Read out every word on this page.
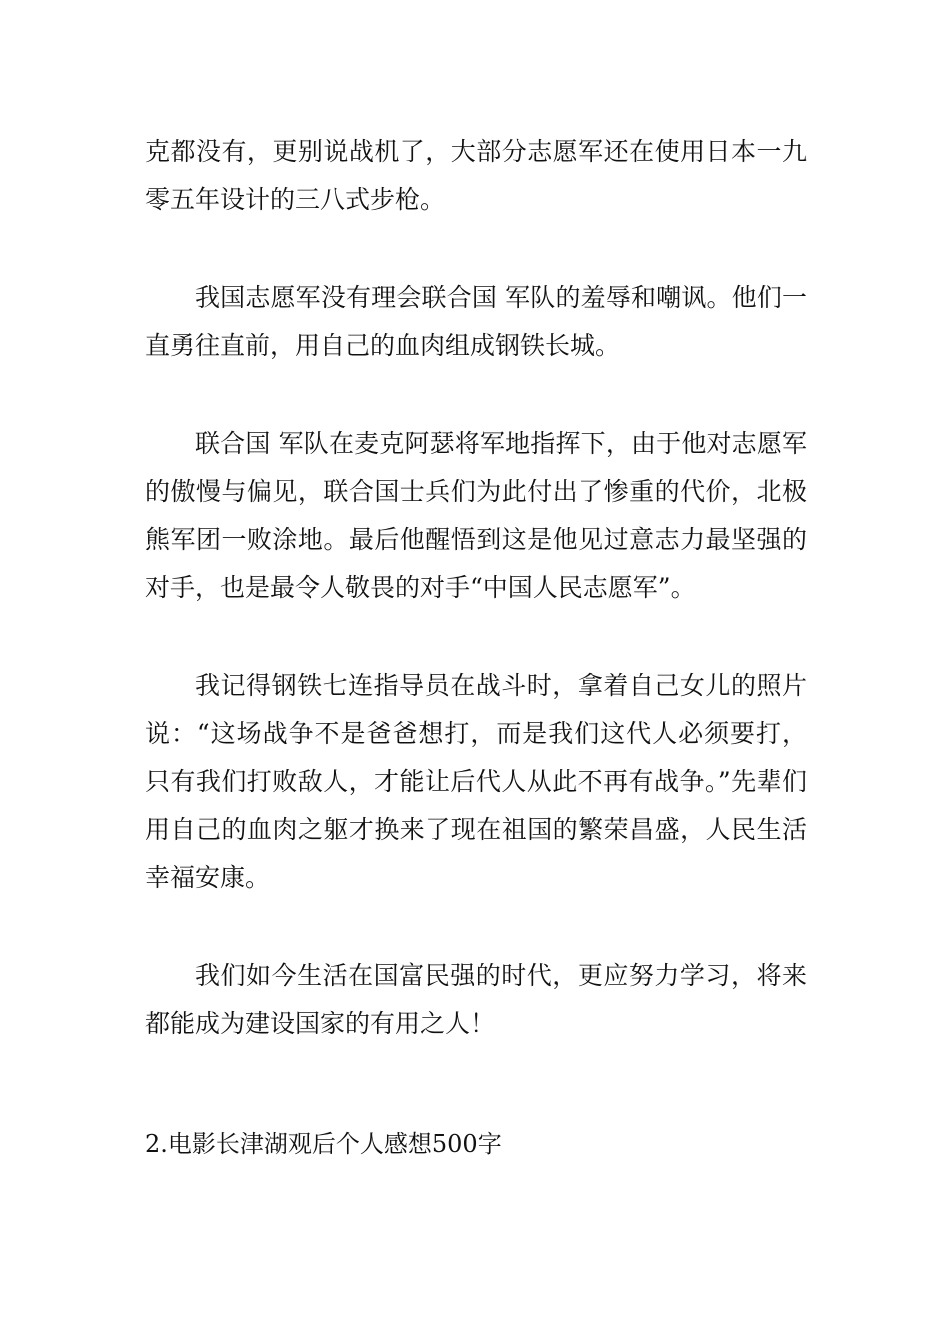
克都没有，更别说战机了，大部分志愿军还在使用日本一九零五年设计的三八式步枪。

我国志愿军没有理会联合国 军队的羞辱和嘲讽。他们一直勇往直前，用自己的血肉组成钢铁长城。

联合国 军队在麦克阿瑟将军地指挥下，由于他对志愿军的傲慢与偏见，联合国士兵们为此付出了惨重的代价，北极熊军团一败涂地。最后他醒悟到这是他见过意志力最坚强的对手，也是最令人敬畏的对手“中国人民志愿军”。

我记得钢铁七连指导员在战斗时，拿着自己女儿的照片说：“这场战争不是爸爸想打，而是我们这代人必须要打，只有我们打败敌人，才能让后代人从此不再有战争。”先辈们用自己的血肉之躯才换来了现在祖国的繁荣昌盛，人民生活幸福安康。

我们如今生活在国富民强的时代，更应努力学习，将来都能成为建设国家的有用之人！

2.电影长津湖观后个人感想500字
